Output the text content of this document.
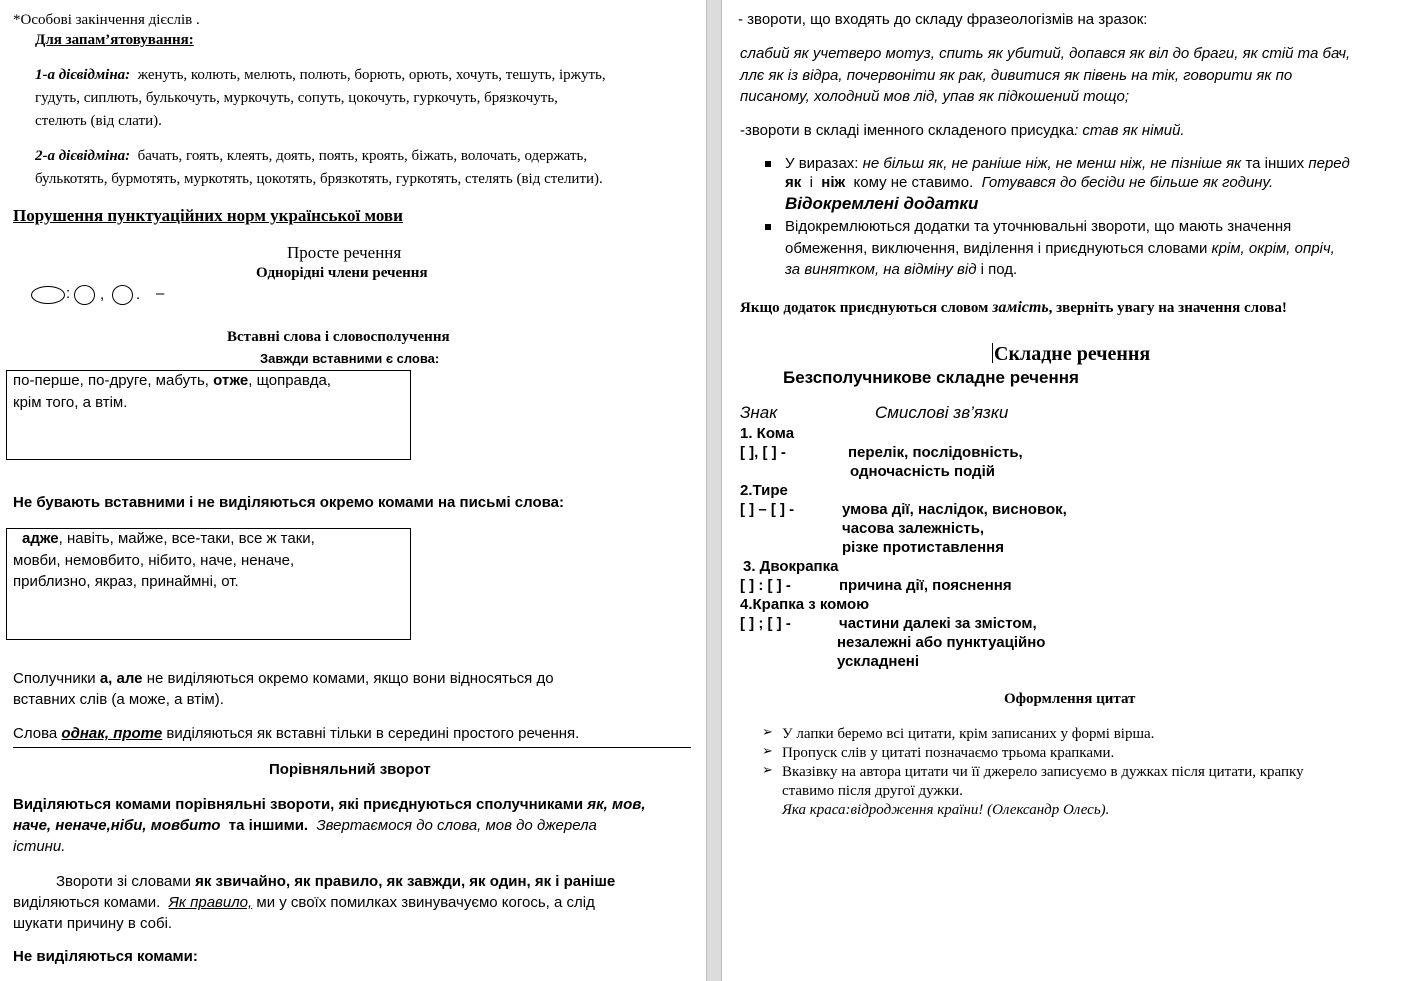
*Особові закінчення дієслів .
Для запам’ятовування:
1-а дієвідміна: женуть, колють, мелють, полють, борють, орють, хочуть, тешуть, іржуть,
гудуть, сиплють, булькочуть, муркочуть, сопуть, цокочуть, гуркочуть, брязкочуть,
стелють (від слати).
2-а дієвідміна: бачать, гоять, клеять, доять, поять, кроять, біжать, волочать, одержать,
булькотять, бурмотять, муркотять, цокотять, брязкотять, гуркотять, стелять (від стелити).
Порушення пунктуаційних норм української мови
Просте речення
Однорідні члени речення
: , . –
Вставні слова і словосполучення
Завжди вставними є слова:
по-перше, по-друге, мабуть, отже, щоправда,
крім того, а втім.
Не бувають вставними і не виділяються окремо комами на письмі слова:
адже, навіть, майже, все-таки, все ж таки,
мовби, немовбито, нібито, наче, неначе,
приблизно, якраз, принаймні, от.
Сполучники а, але не виділяються окремо комами, якщо вони відносяться до
вставних слів (а може, а втім).
Слова однак, проте виділяються як вставні тільки в середині простого речення.
Порівняльний зворот
Виділяються комами порівняльні звороти, які приєднуються сполучниками як, мов,
наче, неначе,ніби, мовбито та іншими. Звертаємося до слова, мов до джерела
істини.
Звороти зі словами як звичайно, як правило, як завжди, як один, як і раніше
виділяються комами. Як правило, ми у своїх помилках звинувачуємо когось, а слід
шукати причину в собі.
Не виділяються комами:
- звороти, що входять до складу фразеологізмів на зразок:
слабий як учетверо мотуз, спить як убитий, допався як віл до браги, як стій та бач,
ллє як із відра, почервоніти як рак, дивитися як півень на тік, говорити як по
писаному, холодний мов лід, упав як підкошений тощо;
-звороти в складі іменного складеного присудка: став як німий.
У виразах: не більш як, не раніше ніж, не менш ніж, не пізніше як та інших перед
як і ніж кому не ставимо. Готувався до бесіди не більше як годину.
Відокремлені додатки
Відокремлюються додатки та уточнювальні звороти, що мають значення
обмеження, виключення, виділення і приєднуються словами крім, окрім, опріч,
за винятком, на відміну від і под.
Якщо додаток приєднуються словом замість, зверніть увагу на значення слова!
Складне речення
Безсполучникове складне речення
Знак	Смислові зв’язки
1. Кома
[ ], [ ] -	перелік, послідовність,
одночасність подій
2.Тире
[ ] – [ ] -	умова дії, наслідок, висновок,
часова залежність,
різке протиставлення
3. Двокрапка
[ ] : [ ] -	причина дії, пояснення
4.Крапка з комою
[ ] ; [ ] -	частини далекі за змістом,
незалежні або пунктуаційно
ускладнені
Оформлення цитат
➢ У лапки беремо всі цитати, крім записаних у формі вірша.
➢ Пропуск слів у цитаті позначаємо трьома крапками.
➢ Вказівку на автора цитати чи її джерело записуємо в дужках після цитати, крапку
ставимо після другої дужки.
Яка краса:відродження країни! (Олександр Олесь).
